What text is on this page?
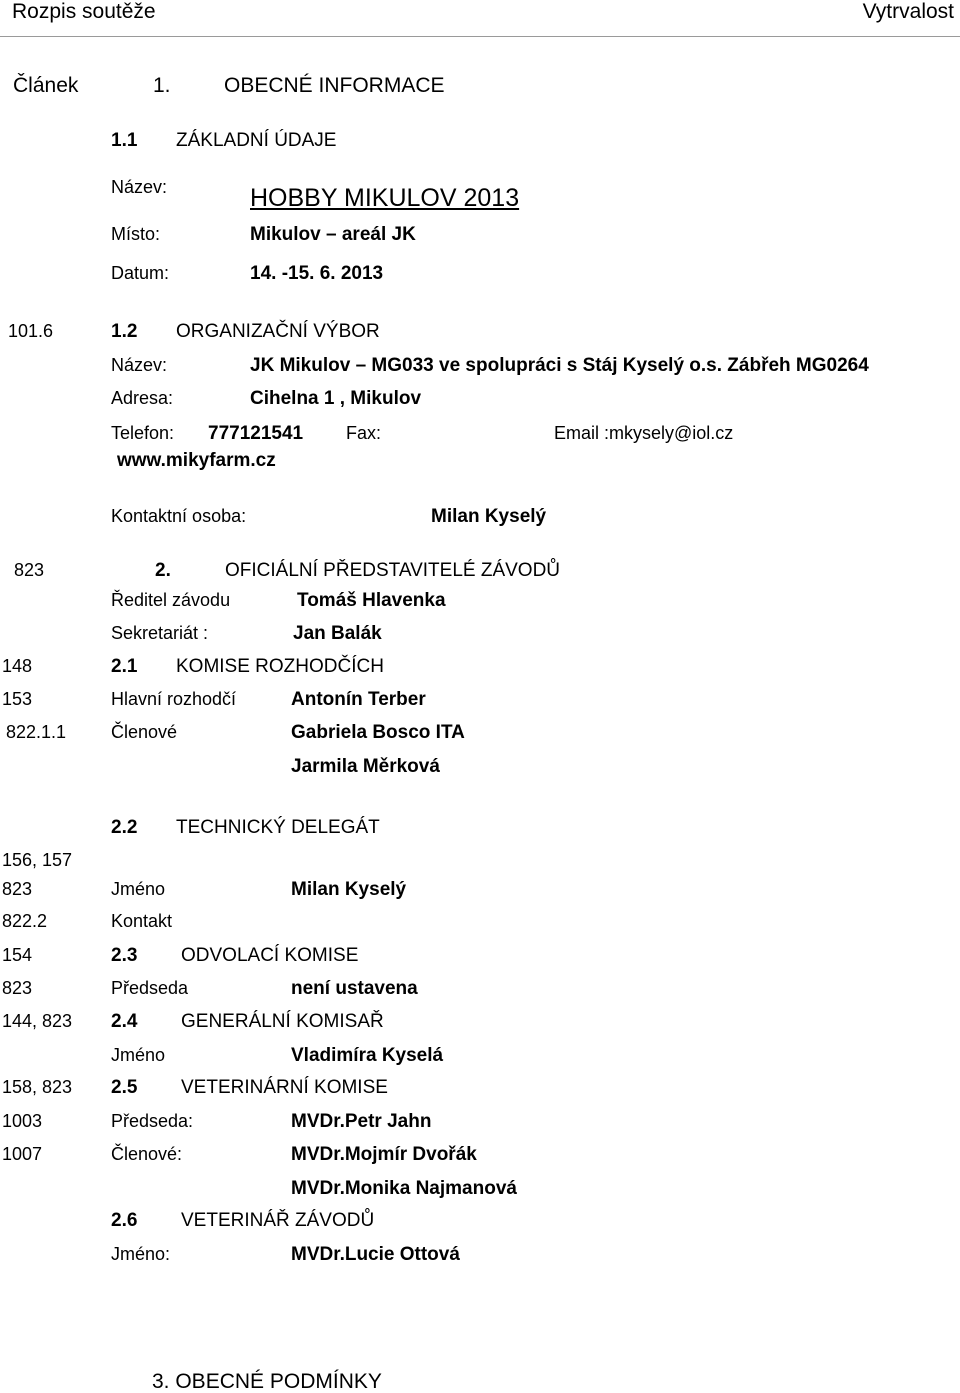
Rozpis soutěže	Vytrvalost
Článek	1.	OBECNÉ INFORMACE
1.1 ZÁKLADNÍ ÚDAJE
Název:	HOBBY MIKULOV 2013
Místo:	Mikulov – areál JK
Datum:	14. -15. 6. 2013
101.6	1.2 ORGANIZAČNÍ VÝBOR
Název:	JK Mikulov – MG033 ve spolupráci s Stáj Kyselý o.s. Zábřeh MG0264
Adresa:	Cihelna 1 , Mikulov
Telefon: 777121541 Fax:	Email :mkysely@iol.cz
www.mikyfarm.cz
Kontaktní osoba:	Milan Kyselý
823	2.	OFICIÁLNÍ PŘEDSTAVITELÉ ZÁVODŮ
Ředitel závodu	Tomáš Hlavenka
Sekretariát :	Jan Balák
148	2.1 KOMISE ROZHODČÍCH
153	Hlavní rozhodčí	Antonín Terber
822.1.1 Členové	Gabriela Bosco ITA
Jarmila Měrková
2.2 TECHNICKÝ DELEGÁT
156, 157
823	Jméno	Milan Kyselý
822.2	Kontakt
154	2.3 ODVOLACÍ KOMISE
823	Předseda	není ustavena
144, 823 2.4 GENERÁLNÍ KOMISAŘ
Jméno	Vladimíra Kyselá
158, 823 2.5 VETERINÁRNÍ KOMISE
1003	Předseda:	MVDr.Petr Jahn
1007	Členové:	MVDr.Mojmír Dvořák
MVDr.Monika Najmanová
2.6 VETERINÁŘ ZÁVODŮ
Jméno:	MVDr.Lucie Ottová
3. OBECNÉ PODMÍNKY
